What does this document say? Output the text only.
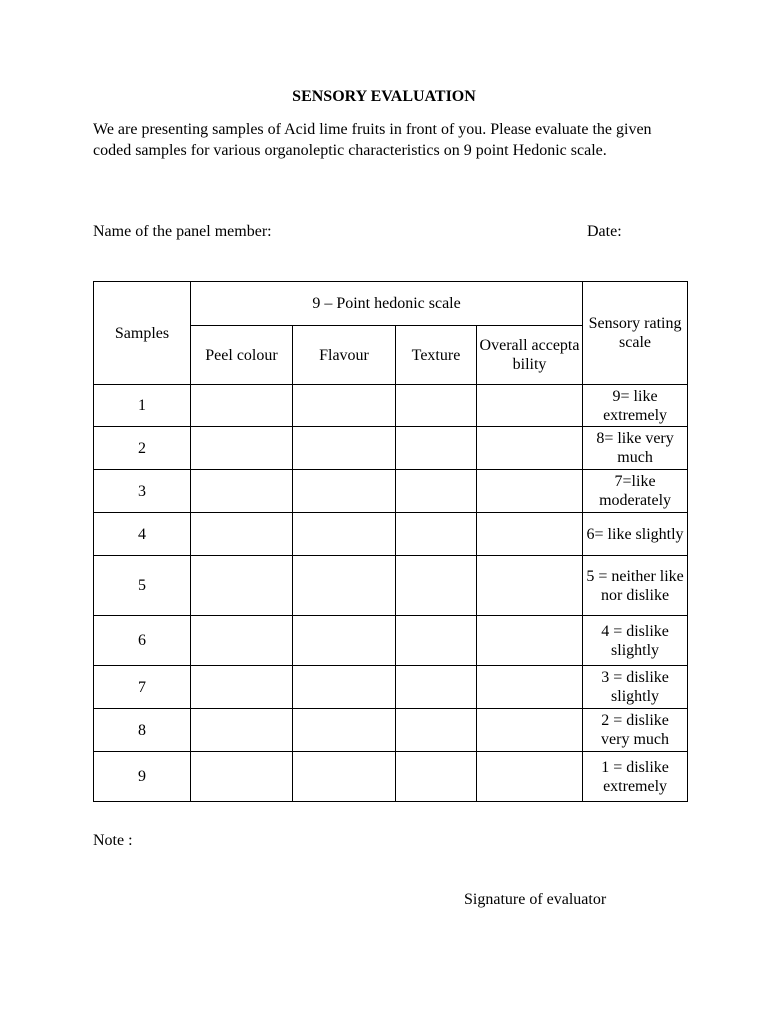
SENSORY EVALUATION

We are presenting samples of Acid lime fruits in front of you. Please evaluate the given coded samples for various organoleptic characteristics on 9 point Hedonic scale.

Name of the panel member:	Date:
Samples	9 – Point hedonic scale				Sensory rating scale
	Peel colour	Flavour	Texture	Overall acceptability	
1					9= like extremely
2					8= like very much
3					7=like moderately
4					6= like slightly
5					5 = neither like nor dislike
6					4 = dislike slightly
7					3 = dislike slightly
8					2 = dislike very much
9					1 = dislike extremely
Note :
Signature of evaluator
